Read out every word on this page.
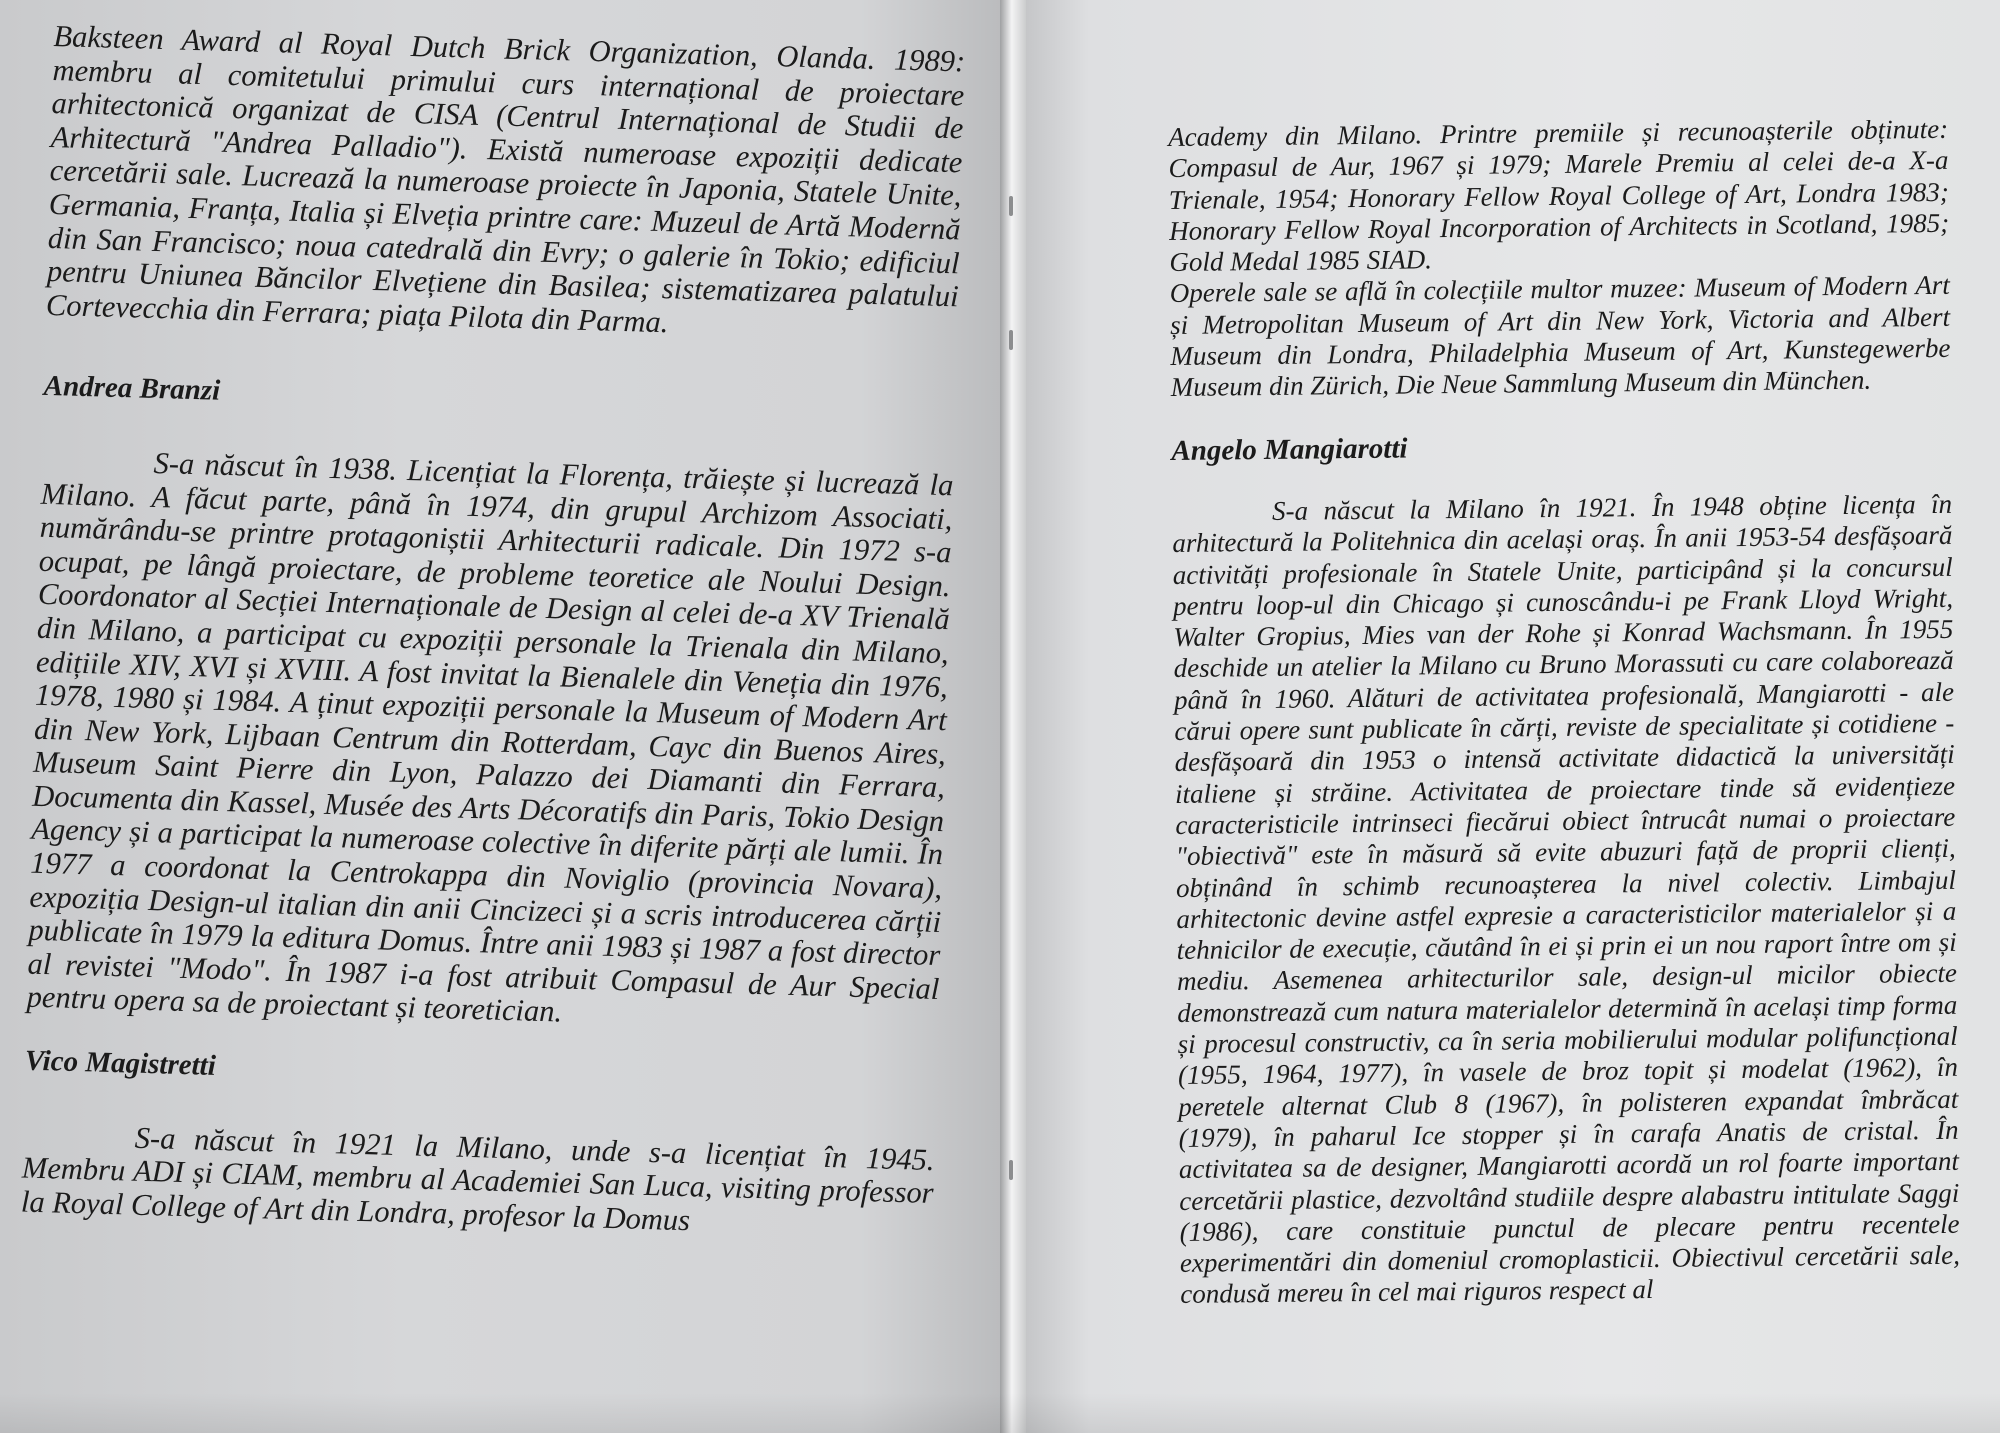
Baksteen Award al Royal Dutch Brick Organization, Olanda. 1989: membru al comitetului primului curs internațional de proiectare arhitectonică organizat de CISA (Centrul Internațional de Studii de Arhitectură "Andrea Palladio"). Există numeroase expoziții dedicate cercetării sale. Lucrează la numeroase proiecte în Japonia, Statele Unite, Germania, Franța, Italia și Elveția printre care: Muzeul de Artă Modernă din San Francisco; noua catedrală din Evry; o galerie în Tokio; edificiul pentru Uniunea Băncilor Elvețiene din Basilea; sistematizarea palatului Cortevecchia din Ferrara; piața Pilota din Parma.

Andrea Branzi

S-a născut în 1938. Licențiat la Florența, trăiește și lucrează la Milano. A făcut parte, până în 1974, din grupul Archizom Associati, numărându-se printre protagoniștii Arhitecturii radicale. Din 1972 s-a ocupat, pe lângă proiectare, de probleme teoretice ale Noului Design. Coordonator al Secției Internaționale de Design al celei de-a XV Trienală din Milano, a participat cu expoziții personale la Trienala din Milano, edițiile XIV, XVI și XVIII. A fost invitat la Bienalele din Veneția din 1976, 1978, 1980 și 1984. A ținut expoziții personale la Museum of Modern Art din New York, Lijbaan Centrum din Rotterdam, Cayc din Buenos Aires, Museum Saint Pierre din Lyon, Palazzo dei Diamanti din Ferrara, Documenta din Kassel, Musée des Arts Décoratifs din Paris, Tokio Design Agency și a participat la numeroase colective în diferite părți ale lumii. În 1977 a coordonat la Centrokappa din Noviglio (provincia Novara), expoziția Design-ul italian din anii Cincizeci și a scris introducerea cărții publicate în 1979 la editura Domus. Între anii 1983 și 1987 a fost director al revistei "Modo". În 1987 i-a fost atribuit Compasul de Aur Special pentru opera sa de proiectant și teoretician.

Vico Magistretti

S-a născut în 1921 la Milano, unde s-a licențiat în 1945. Membru ADI și CIAM, membru al Academiei San Luca, visiting professor la Royal College of Art din Londra, profesor la Domus

Academy din Milano. Printre premiile și recunoașterile obținute: Compasul de Aur, 1967 și 1979; Marele Premiu al celei de-a X-a Trienale, 1954; Honorary Fellow Royal College of Art, Londra 1983; Honorary Fellow Royal Incorporation of Architects in Scotland, 1985; Gold Medal 1985 SIAD.

Operele sale se află în colecțiile multor muzee: Museum of Modern Art și Metropolitan Museum of Art din New York, Victoria and Albert Museum din Londra, Philadelphia Museum of Art, Kunstegewerbe Museum din Zürich, Die Neue Sammlung Museum din München.

Angelo Mangiarotti

S-a născut la Milano în 1921. În 1948 obține licența în arhitectură la Politehnica din același oraș. În anii 1953-54 desfășoară activități profesionale în Statele Unite, participând și la concursul pentru loop-ul din Chicago și cunoscându-i pe Frank Lloyd Wright, Walter Gropius, Mies van der Rohe și Konrad Wachsmann. În 1955 deschide un atelier la Milano cu Bruno Morassuti cu care colaborează până în 1960. Alături de activitatea profesională, Mangiarotti - ale cărui opere sunt publicate în cărți, reviste de specialitate și cotidiene - desfășoară din 1953 o intensă activitate didactică la universități italiene și străine. Activitatea de proiectare tinde să evidențieze caracteristicile intrinseci fiecărui obiect întrucât numai o proiectare "obiectivă" este în măsură să evite abuzuri față de proprii clienți, obținând în schimb recunoașterea la nivel colectiv. Limbajul arhitectonic devine astfel expresie a caracteristicilor materialelor și a tehnicilor de execuție, căutând în ei și prin ei un nou raport între om și mediu. Asemenea arhitecturilor sale, design-ul micilor obiecte demonstrează cum natura materialelor determină în același timp forma și procesul constructiv, ca în seria mobilierului modular polifuncțional (1955, 1964, 1977), în vasele de broz topit și modelat (1962), în peretele alternat Club 8 (1967), în polisteren expandat îmbrăcat (1979), în paharul Ice stopper și în carafa Anatis de cristal. În activitatea sa de designer, Mangiarotti acordă un rol foarte important cercetării plastice, dezvoltând studiile despre alabastru intitulate Saggi (1986), care constituie punctul de plecare pentru recentele experimentări din domeniul cromoplasticii. Obiectivul cercetării sale, condusă mereu în cel mai riguros respect al
